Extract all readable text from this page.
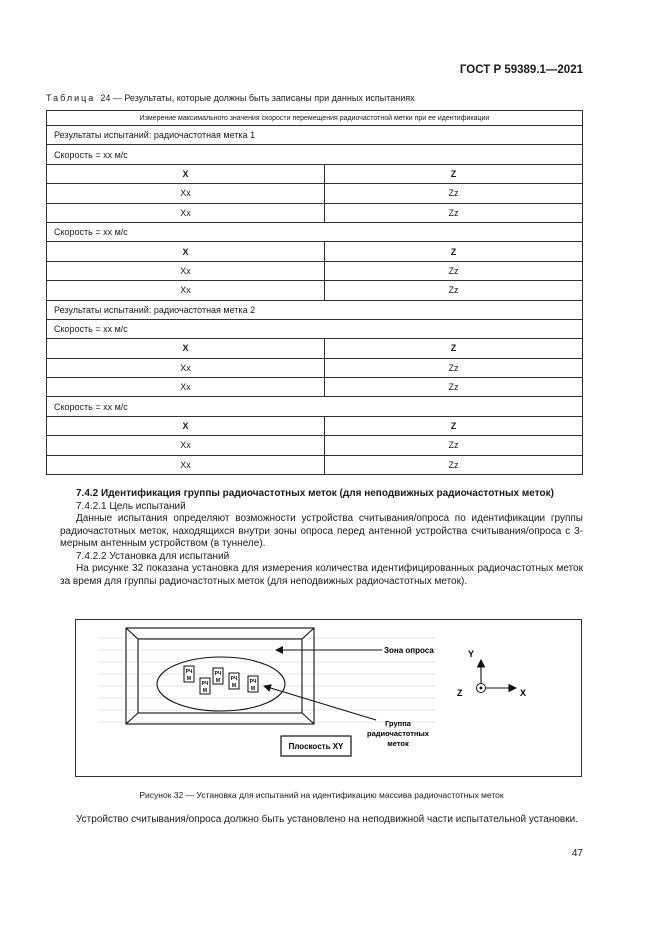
ГОСТ Р 59389.1—2021
Таблица 24 — Результаты, которые должны быть записаны при данных испытаниях
Измерение максимального значения скорости перемещения радиочастотной метки при ее идентификации	
Результаты испытаний: радиочастотная метка 1	
Скорость = xx м/с	
X	Z
Xx	Zz
Xx	Zz
Скорость = xx м/с	
X	Z
Xx	Zz
Xx	Zz
Результаты испытаний: радиочастотная метка 2	
Скорость = xx м/с	
X	Z
Xx	Zz
Xx	Zz
Скорость = xx м/с	
X	Z
Xx	Zz
Xx	Zz
7.4.2 Идентификация группы радиочастотных меток (для неподвижных радиочастотных меток)
7.4.2.1 Цель испытаний
Данные испытания определяют возможности устройства считывания/опроса по идентификации группы радиочастотных меток, находящихся внутри зоны опроса перед антенной устройства считывания/опроса с 3-мерным антенным устройством (в туннеле).
7.4.2.2 Установка для испытаний
На рисунке 32 показана установка для измерения количества идентифицированных радиочастотных меток за время для группы радиочастотных меток (для неподвижных радиочастотных меток).
РЧ
М
РЧ
М
РЧ
М РЧ
М
РЧ
М
Зона опроса
Группа
радиочастотных
меток
Плоскость XY
Y
X
Z
Рисунок 32 — Установка для испытаний на идентификацию массива радиочастотных меток
Устройство считывания/опроса должно быть установлено на неподвижной части испытательной установки.
47
